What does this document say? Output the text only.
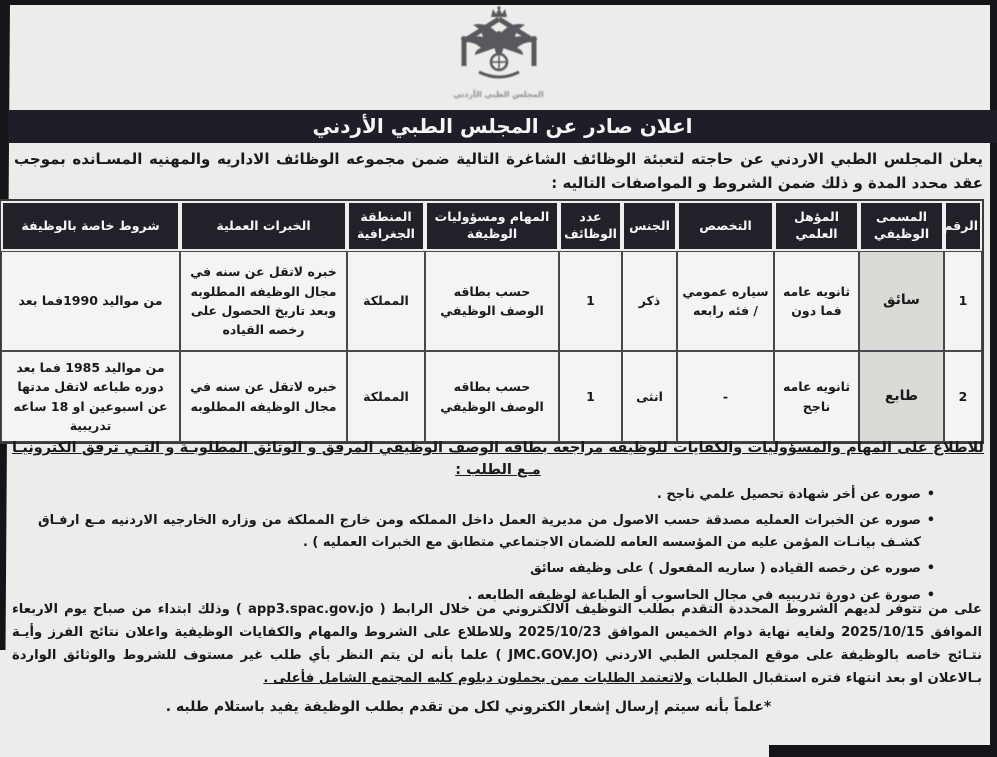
المجلس الطبي الأردني
اعلان صادر عن المجلس الطبي الأردني
يعلن المجلس الطبي الاردني عن حاجته لتعبئة الوظائف الشاغرة التالية ضمن مجموعه الوظائف الاداريه والمهنيه المسـانده بموجب عقد محدد المدة و ذلك ضمن الشروط و المواصفات التاليه :
الرقم	المسمى الوظيفي	المؤهل العلمي	التخصص	الجنس	عدد الوظائف	المهام ومسؤوليات الوظيفة	المنطقة الجغرافية	الخبرات العملية	شروط خاصة بالوظيفة
1	سائق	ثانويه عامه فما دون	سياره عمومي / فئه رابعه	ذكر	1	حسب بطاقه الوصف الوظيفي	المملكة	خبره لاتقل عن سنه في مجال الوظيفه المطلوبه وبعد تاريخ الحصول على رخصه القياده	من مواليد 1990فما بعد
2	طابع	ثانويه عامه ناجح	-	انثى	1	حسب بطاقه الوصف الوظيفي	المملكة	خبره لاتقل عن سنه في مجال الوظيفه المطلوبه	من مواليد 1985 فما بعد دوره طباعه لاتقل مدتها عن اسبوعين او 18 ساعه تدريبية
للاطلاع على المهام والمسؤوليات والكفايات للوظيفه مراجعه بطاقه الوصف الوظيفي المرفق و الوثائق المطلوبـة و التـي ترفق الكترونيـا مـع الطلب :
• صوره عن أخر شهادة تحصيل علمي ناجح .
• صوره عن الخبرات العمليه مصدقة حسب الاصول من مديرية العمل داخل المملكه ومن خارج المملكة من وزاره الخارجيه الاردنيه مـع ارفـاق كشـف بيانـات المؤمن عليه من المؤسسه العامه للضمان الاجتماعي متطابق مع الخبرات العمليه ) .
• صوره عن رخصه القياده ( ساريه المفعول ) على وظيفه سائق
• صورة عن دورة تدريبيه في مجال الحاسوب أو الطباعة لوظيفه الطابعه .
على من تتوفر لديهم الشروط المحددة التقدم بطلب التوظيف الالكتروني من خلال الرابط ( app3.spac.gov.jo ) وذلك ابتداء من صباح يوم الاربعاء الموافق 2025/10/15 ولغايه نهاية دوام الخميس الموافق 2025/10/23 وللاطلاع على الشروط والمهام والكفايات الوظيفية واعلان نتائج الفرز وأيـة نتـائج خاصه بالوظيفة على موقع المجلس الطبي الاردني (JMC.GOV.JO ) علما بأنه لن يتم النظر بأي طلب غير مستوف للشروط والوثائق الواردة بـالاعلان او بعد انتهاء فتره استقبال الطلبات ولاتعتمد الطلبات ممن يحملون دبلوم كليه المجتمع الشامل فأعلى .
*علماً بأنه سيتم إرسال إشعار الكتروني لكل من تقدم بطلب الوظيفة يفيد باستلام طلبه .
